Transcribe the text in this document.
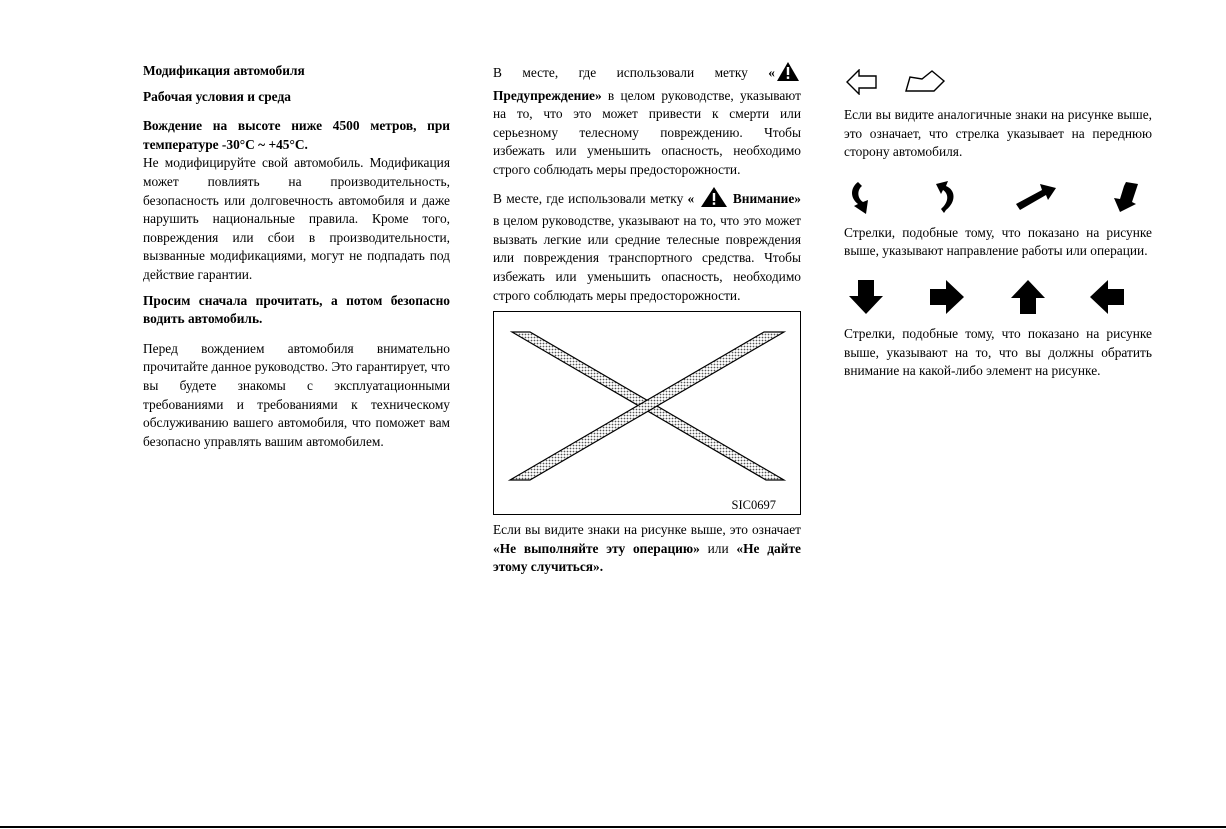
Модификация автомобиля
Рабочая условия и среда
Вождение на высоте ниже 4500 метров, при температуре -30°С ~ +45°С.

Не модифицируйте свой автомобиль. Модификация может повлиять на производительность, безопасность или долговечность автомобиля и даже нарушить национальные правила. Кроме того, повреждения или сбои в производительности, вызванные модификациями, могут не подпадать под действие гарантии.

Просим сначала прочитать, а потом безопасно водить автомобиль.

Перед вождением автомобиля внимательно прочитайте данное руководство. Это гарантирует, что вы будете знакомы с эксплуатационными требованиями и требованиями к техническому обслуживанию вашего автомобиля, что поможет вам безопасно управлять вашим автомобилем.

В месте, где использовали метку «Предупреждение» в целом руководстве, указывают на то, что это может привести к смерти или серьезному телесному повреждению. Чтобы избежать или уменьшить опасность, необходимо строго соблюдать меры предосторожности.

В месте, где использовали метку «	Внимание» в целом руководстве, указывают на то, что это может вызвать легкие или средние телесные повреждения или повреждения транспортного средства. Чтобы избежать или уменьшить опасность, необходимо строго соблюдать меры предосторожности.

SIC0697

Если вы видите знаки на рисунке выше, это означает «Не выполняйте эту операцию» или «Не дайте этому случиться».

Если вы видите аналогичные знаки на рисунке выше, это означает, что стрелка указывает на переднюю сторону автомобиля.

Стрелки, подобные тому, что показано на рисунке выше, указывают направление работы или операции.

Стрелки, подобные тому, что показано на рисунке выше, указывают на то, что вы должны обратить внимание на какой-либо элемент на рисунке.
